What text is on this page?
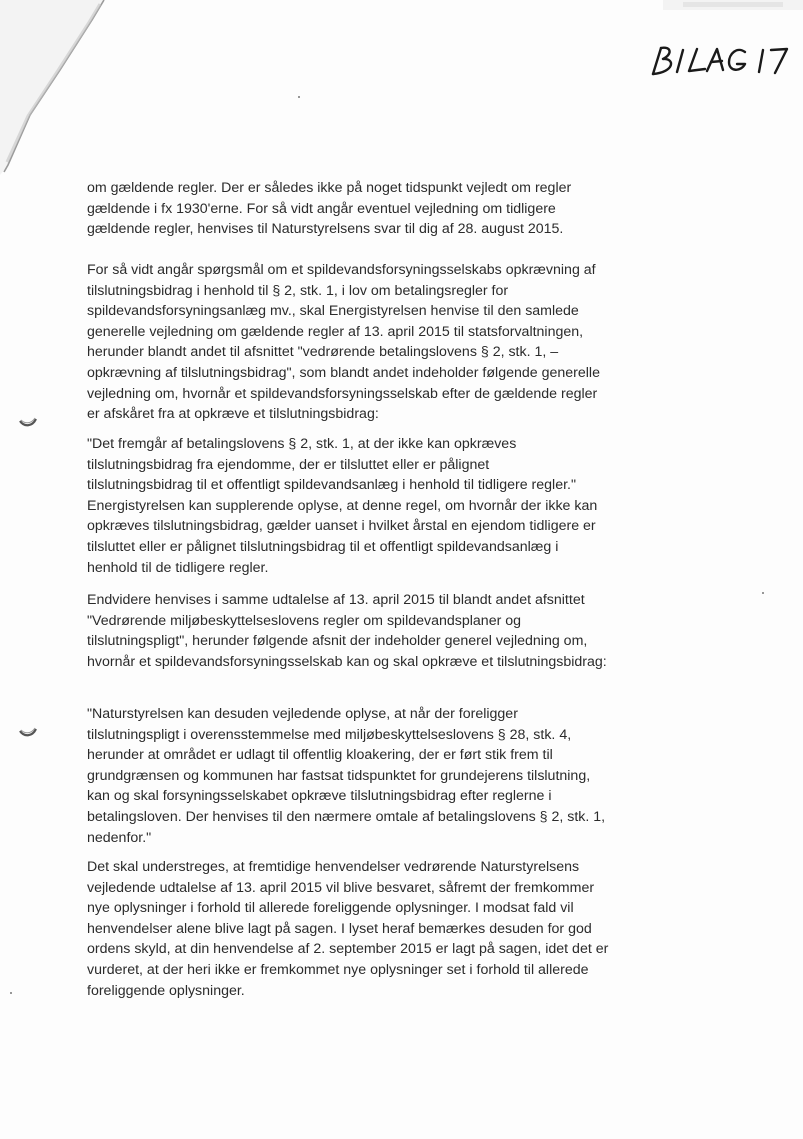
om gældende regler. Der er således ikke på noget tidspunkt vejledt om regler

gældende i fx 1930'erne. For så vidt angår eventuel vejledning om tidligere

gældende regler, henvises til Naturstyrelsens svar til dig af 28. august 2015.

For så vidt angår spørgsmål om et spildevandsforsyningsselskabs opkrævning af

tilslutningsbidrag i henhold til § 2, stk. 1, i lov om betalingsregler for

spildevandsforsyningsanlæg mv., skal Energistyrelsen henvise til den samlede

generelle vejledning om gældende regler af 13. april 2015 til statsforvaltningen,

herunder blandt andet til afsnittet "vedrørende betalingslovens § 2, stk. 1, –

opkrævning af tilslutningsbidrag", som blandt andet indeholder følgende generelle

vejledning om, hvornår et spildevandsforsyningsselskab efter de gældende regler

er afskåret fra at opkræve et tilslutningsbidrag:

"Det fremgår af betalingslovens § 2, stk. 1, at der ikke kan opkræves

tilslutningsbidrag fra ejendomme, der er tilsluttet eller er pålignet

tilslutningsbidrag til et offentligt spildevandsanlæg i henhold til tidligere regler."

Energistyrelsen kan supplerende oplyse, at denne regel, om hvornår der ikke kan

opkræves tilslutningsbidrag, gælder uanset i hvilket årstal en ejendom tidligere er

tilsluttet eller er pålignet tilslutningsbidrag til et offentligt spildevandsanlæg i

henhold til de tidligere regler.

Endvidere henvises i samme udtalelse af 13. april 2015 til blandt andet afsnittet

"Vedrørende miljøbeskyttelseslovens regler om spildevandsplaner og

tilslutningspligt", herunder følgende afsnit der indeholder generel vejledning om,

hvornår et spildevandsforsyningsselskab kan og skal opkræve et tilslutningsbidrag:

"Naturstyrelsen kan desuden vejledende oplyse, at når der foreligger

tilslutningspligt i overensstemmelse med miljøbeskyttelseslovens § 28, stk. 4,

herunder at området er udlagt til offentlig kloakering, der er ført stik frem til

grundgrænsen og kommunen har fastsat tidspunktet for grundejerens tilslutning,

kan og skal forsyningsselskabet opkræve tilslutningsbidrag efter reglerne i

betalingsloven. Der henvises til den nærmere omtale af betalingslovens § 2, stk. 1,

nedenfor."

Det skal understreges, at fremtidige henvendelser vedrørende Naturstyrelsens

vejledende udtalelse af 13. april 2015 vil blive besvaret, såfremt der fremkommer

nye oplysninger i forhold til allerede foreliggende oplysninger. I modsat fald vil

henvendelser alene blive lagt på sagen. I lyset heraf bemærkes desuden for god

ordens skyld, at din henvendelse af 2. september 2015 er lagt på sagen, idet det er

vurderet, at der heri ikke er fremkommet nye oplysninger set i forhold til allerede

foreliggende oplysninger.
